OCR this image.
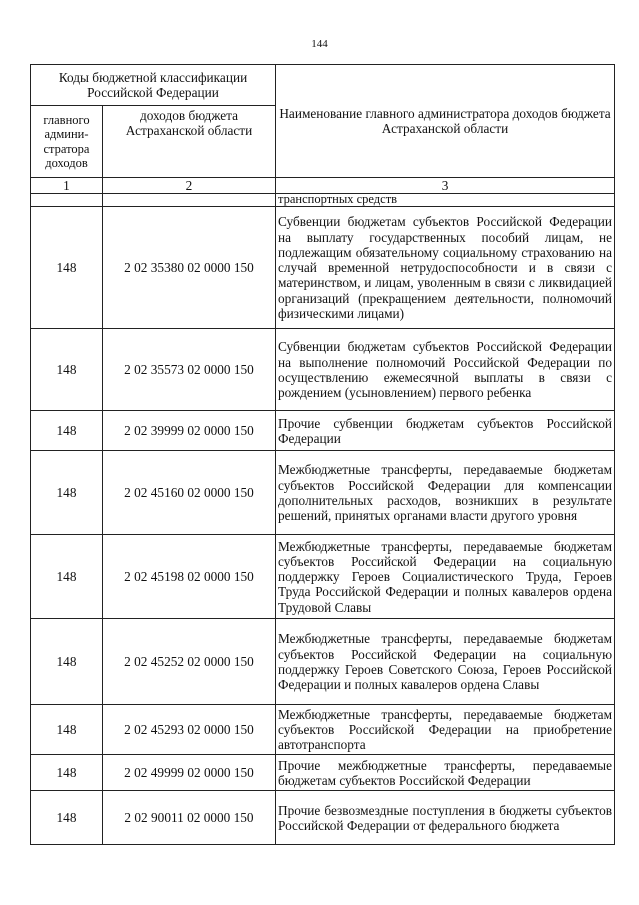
144
Коды бюджетной классификации Российской Федерации		Наименование главного администратора доходов бюджета Астраханской области
главного админи-стратора доходов	доходов бюджета Астраханской области	
1	2	3
		транспортных средств
148	2 02 35380 02 0000 150	Субвенции бюджетам субъектов Российской Федерации на выплату государственных пособий лицам, не подлежащим обязательному социальному страхованию на случай временной нетрудоспособности и в связи с материнством, и лицам, уволенным в связи с ликвидацией организаций (прекращением деятельности, полномочий физическими лицами)
148	2 02 35573 02 0000 150	Субвенции бюджетам субъектов Российской Федерации на выполнение полномочий Российской Федерации по осуществлению ежемесячной выплаты в связи с рождением (усыновлением) первого ребенка
148	2 02 39999 02 0000 150	Прочие субвенции бюджетам субъектов Российской Федерации
148	2 02 45160 02 0000 150	Межбюджетные трансферты, передаваемые бюджетам субъектов Российской Федерации для компенсации дополнительных расходов, возникших в результате решений, принятых органами власти другого уровня
148	2 02 45198 02 0000 150	Межбюджетные трансферты, передаваемые бюджетам субъектов Российской Федерации на социальную поддержку Героев Социалистического Труда, Героев Труда Российской Федерации и полных кавалеров ордена Трудовой Славы
148	2 02 45252 02 0000 150	Межбюджетные трансферты, передаваемые бюджетам субъектов Российской Федерации на социальную поддержку Героев Советского Союза, Героев Российской Федерации и полных кавалеров ордена Славы
148	2 02 45293 02 0000 150	Межбюджетные трансферты, передаваемые бюджетам субъектов Российской Федерации на приобретение автотранспорта
148	2 02 49999 02 0000 150	Прочие межбюджетные трансферты, передаваемые бюджетам субъектов Российской Федерации
148	2 02 90011 02 0000 150	Прочие безвозмездные поступления в бюджеты субъектов Российской Федерации от федерального бюджета
